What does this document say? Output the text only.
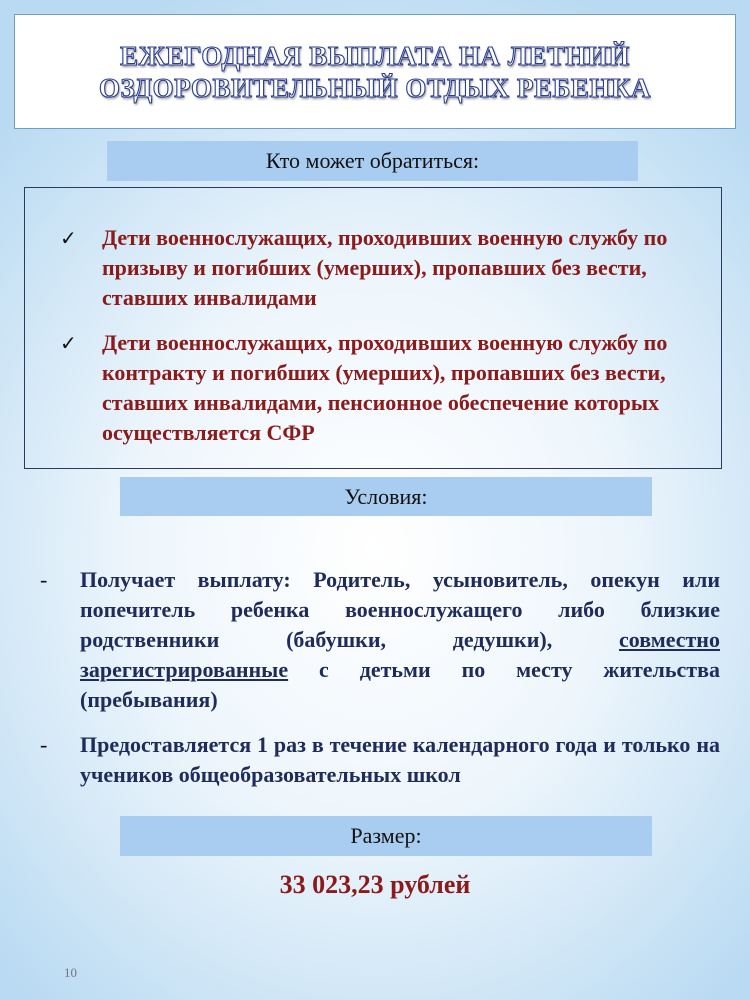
ЕЖЕГОДНАЯ ВЫПЛАТА НА ЛЕТНИЙ
ОЗДОРОВИТЕЛЬНЫЙ ОТДЫХ РЕБЕНКА
Кто может обратиться:
✓ Дети военнослужащих, проходивших военную службу по призыву и погибших (умерших), пропавших без вести, ставших инвалидами
✓ Дети военнослужащих, проходивших военную службу по контракту и погибших (умерших), пропавших без вести, ставших инвалидами, пенсионное обеспечение которых осуществляется СФР
Условия:
- Получает выплату: Родитель, усыновитель, опекун или попечитель ребенка военнослужащего либо близкие родственники (бабушки, дедушки), совместно зарегистрированные с детьми по месту жительства (пребывания)
- Предоставляется 1 раз в течение календарного года и только на учеников общеобразовательных школ
Размер:
33 023,23 рублей
10
